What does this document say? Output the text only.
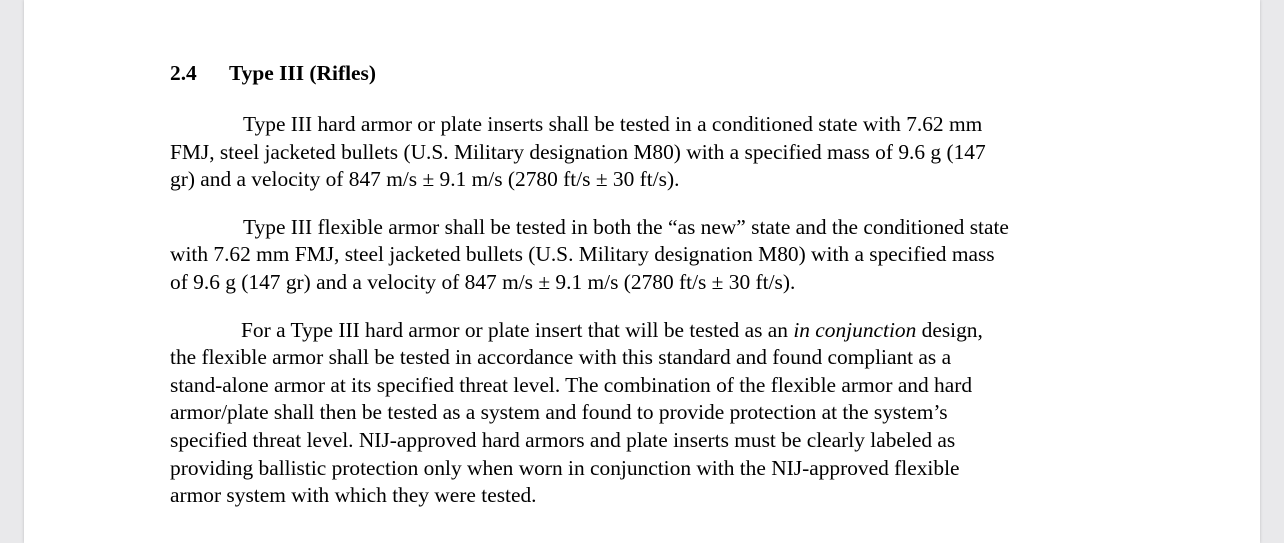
2.4 Type III (Rifles)

Type III hard armor or plate inserts shall be tested in a conditioned state with 7.62 mm
FMJ, steel jacketed bullets (U.S. Military designation M80) with a specified mass of 9.6 g (147
gr) and a velocity of 847 m/s ± 9.1 m/s (2780 ft/s ± 30 ft/s).

Type III flexible armor shall be tested in both the “as new” state and the conditioned state
with 7.62 mm FMJ, steel jacketed bullets (U.S. Military designation M80) with a specified mass
of 9.6 g (147 gr) and a velocity of 847 m/s ± 9.1 m/s (2780 ft/s ± 30 ft/s).

For a Type III hard armor or plate insert that will be tested as an in conjunction design,
the flexible armor shall be tested in accordance with this standard and found compliant as a
stand-alone armor at its specified threat level. The combination of the flexible armor and hard
armor/plate shall then be tested as a system and found to provide protection at the system’s
specified threat level. NIJ-approved hard armors and plate inserts must be clearly labeled as
providing ballistic protection only when worn in conjunction with the NIJ-approved flexible
armor system with which they were tested.
